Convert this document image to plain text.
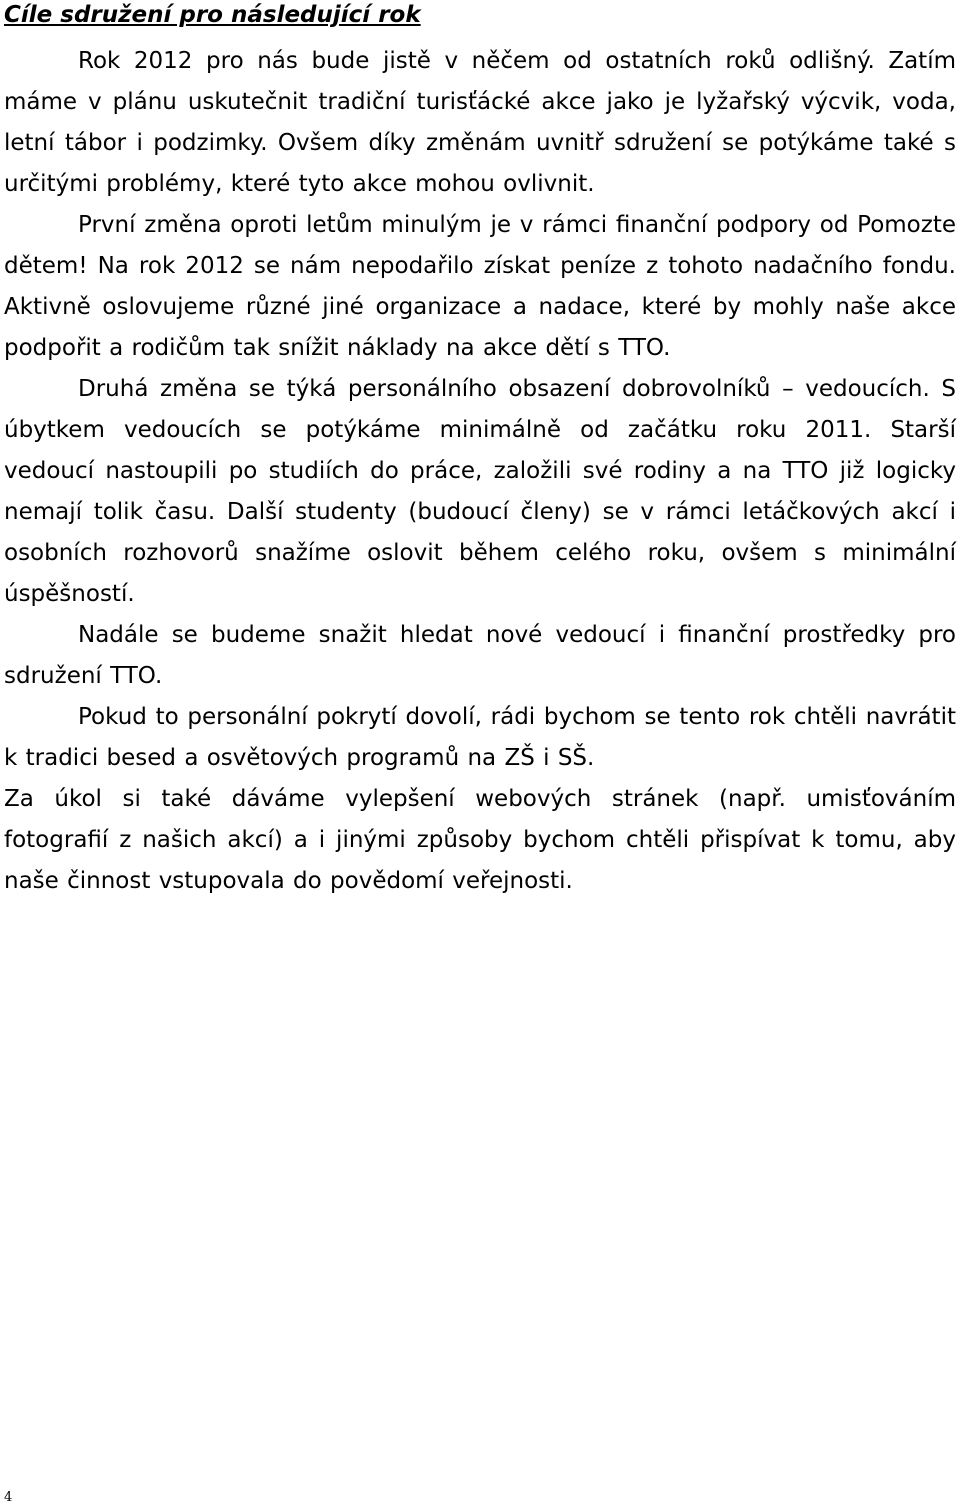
Cíle sdružení pro následující rok

Rok 2012 pro nás bude jistě v něčem od ostatních roků odlišný. Zatím máme v plánu uskutečnit tradiční turisťácké akce jako je lyžařský výcvik, voda, letní tábor i podzimky. Ovšem díky změnám uvnitř sdružení se potýkáme také s určitými problémy, které tyto akce mohou ovlivnit.

První změna oproti letům minulým je v rámci finanční podpory od Pomozte dětem! Na rok 2012 se nám nepodařilo získat peníze z tohoto nadačního fondu. Aktivně oslovujeme různé jiné organizace a nadace, které by mohly naše akce podpořit a rodičům tak snížit náklady na akce dětí s TTO.

Druhá změna se týká personálního obsazení dobrovolníků – vedoucích. S úbytkem vedoucích se potýkáme minimálně od začátku roku 2011. Starší vedoucí nastoupili po studiích do práce, založili své rodiny a na TTO již logicky nemají tolik času. Další studenty (budoucí členy) se v rámci letáčkových akcí i osobních rozhovorů snažíme oslovit během celého roku, ovšem s minimální úspěšností.

Nadále se budeme snažit hledat nové vedoucí i finanční prostředky pro sdružení TTO.

Pokud to personální pokrytí dovolí, rádi bychom se tento rok chtěli navrátit k tradici besed a osvětových programů na ZŠ i SŠ.

Za úkol si také dáváme vylepšení webových stránek (např. umisťováním fotografií z našich akcí) a i jinými způsoby bychom chtěli přispívat k tomu, aby naše činnost vstupovala do povědomí veřejnosti.

4
